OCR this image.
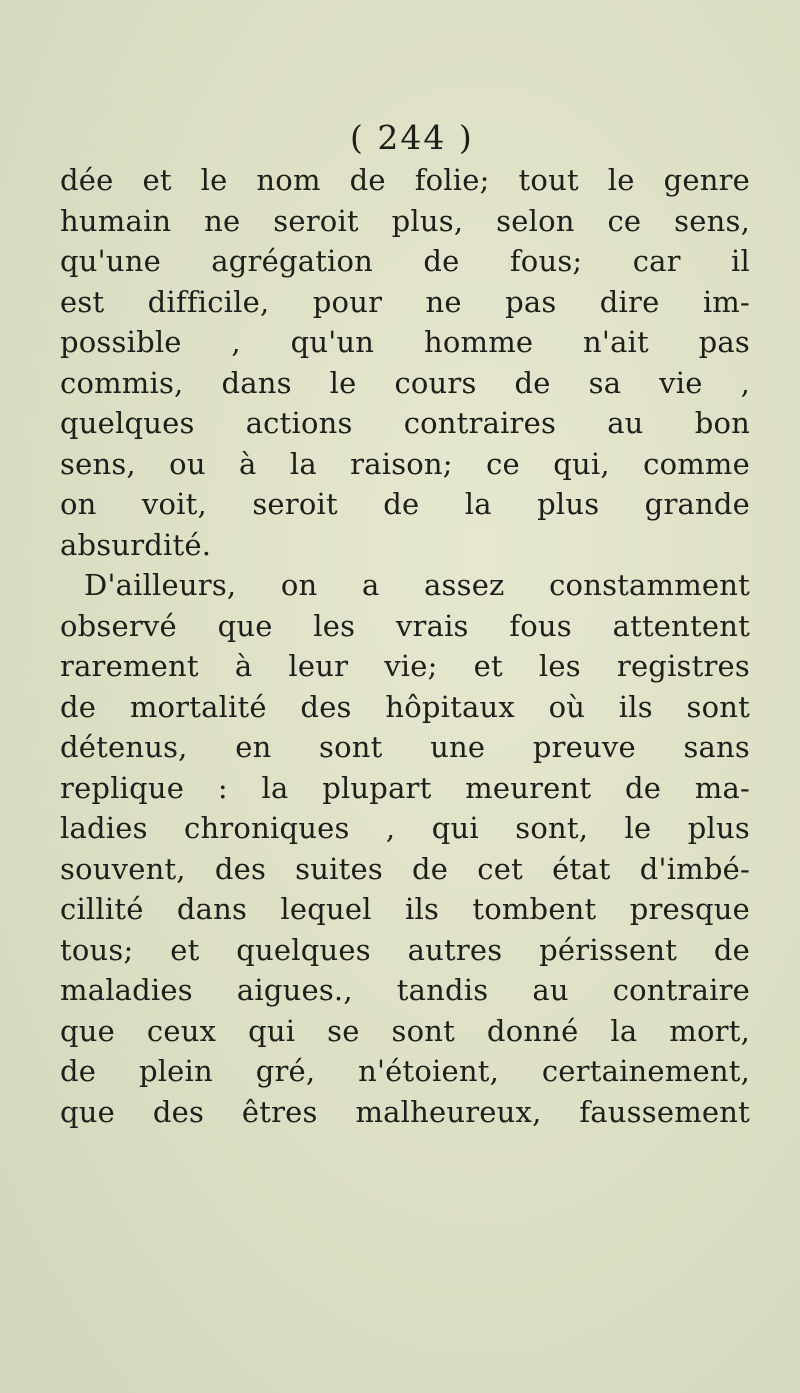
( 244 )
dée et le nom de folie; tout le genre
humain ne seroit plus, selon ce sens,
qu'une agrégation de fous; car il
est difficile, pour ne pas dire im-
possible , qu'un homme n'ait pas
commis, dans le cours de sa vie ,
quelques actions contraires au bon
sens, ou à la raison; ce qui, comme
on voit, seroit de la plus grande
absurdité.
D'ailleurs, on a assez constamment
observé que les vrais fous attentent
rarement à leur vie; et les registres
de mortalité des hôpitaux où ils sont
détenus, en sont une preuve sans
replique : la plupart meurent de ma-
ladies chroniques , qui sont, le plus
souvent, des suites de cet état d'imbé-
cillité dans lequel ils tombent presque
tous; et quelques autres périssent de
maladies aigues., tandis au contraire
que ceux qui se sont donné la mort,
de plein gré, n'étoient, certainement,
que des êtres malheureux, faussement
